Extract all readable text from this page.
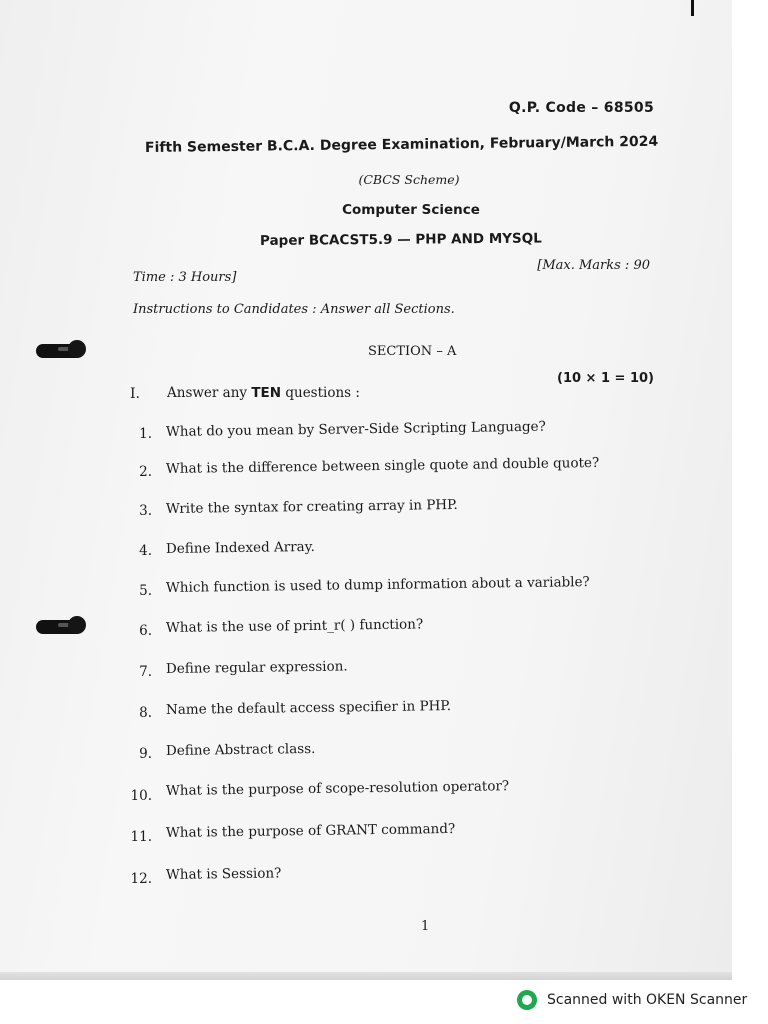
Q.P. Code – 68505
Fifth Semester B.C.A. Degree Examination, February/March 2024
(CBCS Scheme)
Computer Science
Paper BCACST5.9 — PHP AND MYSQL
Time : 3 Hours]
[Max. Marks : 90
Instructions to Candidates : Answer all Sections.
SECTION – A
(10 × 1 = 10)
I. Answer any TEN questions :
1. What do you mean by Server-Side Scripting Language?
2. What is the difference between single quote and double quote?
3. Write the syntax for creating array in PHP.
4. Define Indexed Array.
5. Which function is used to dump information about a variable?
6. What is the use of print_r( ) function?
7. Define regular expression.
8. Name the default access specifier in PHP.
9. Define Abstract class.
10. What is the purpose of scope-resolution operator?
11. What is the purpose of GRANT command?
12. What is Session?
1
Scanned with OKEN Scanner
